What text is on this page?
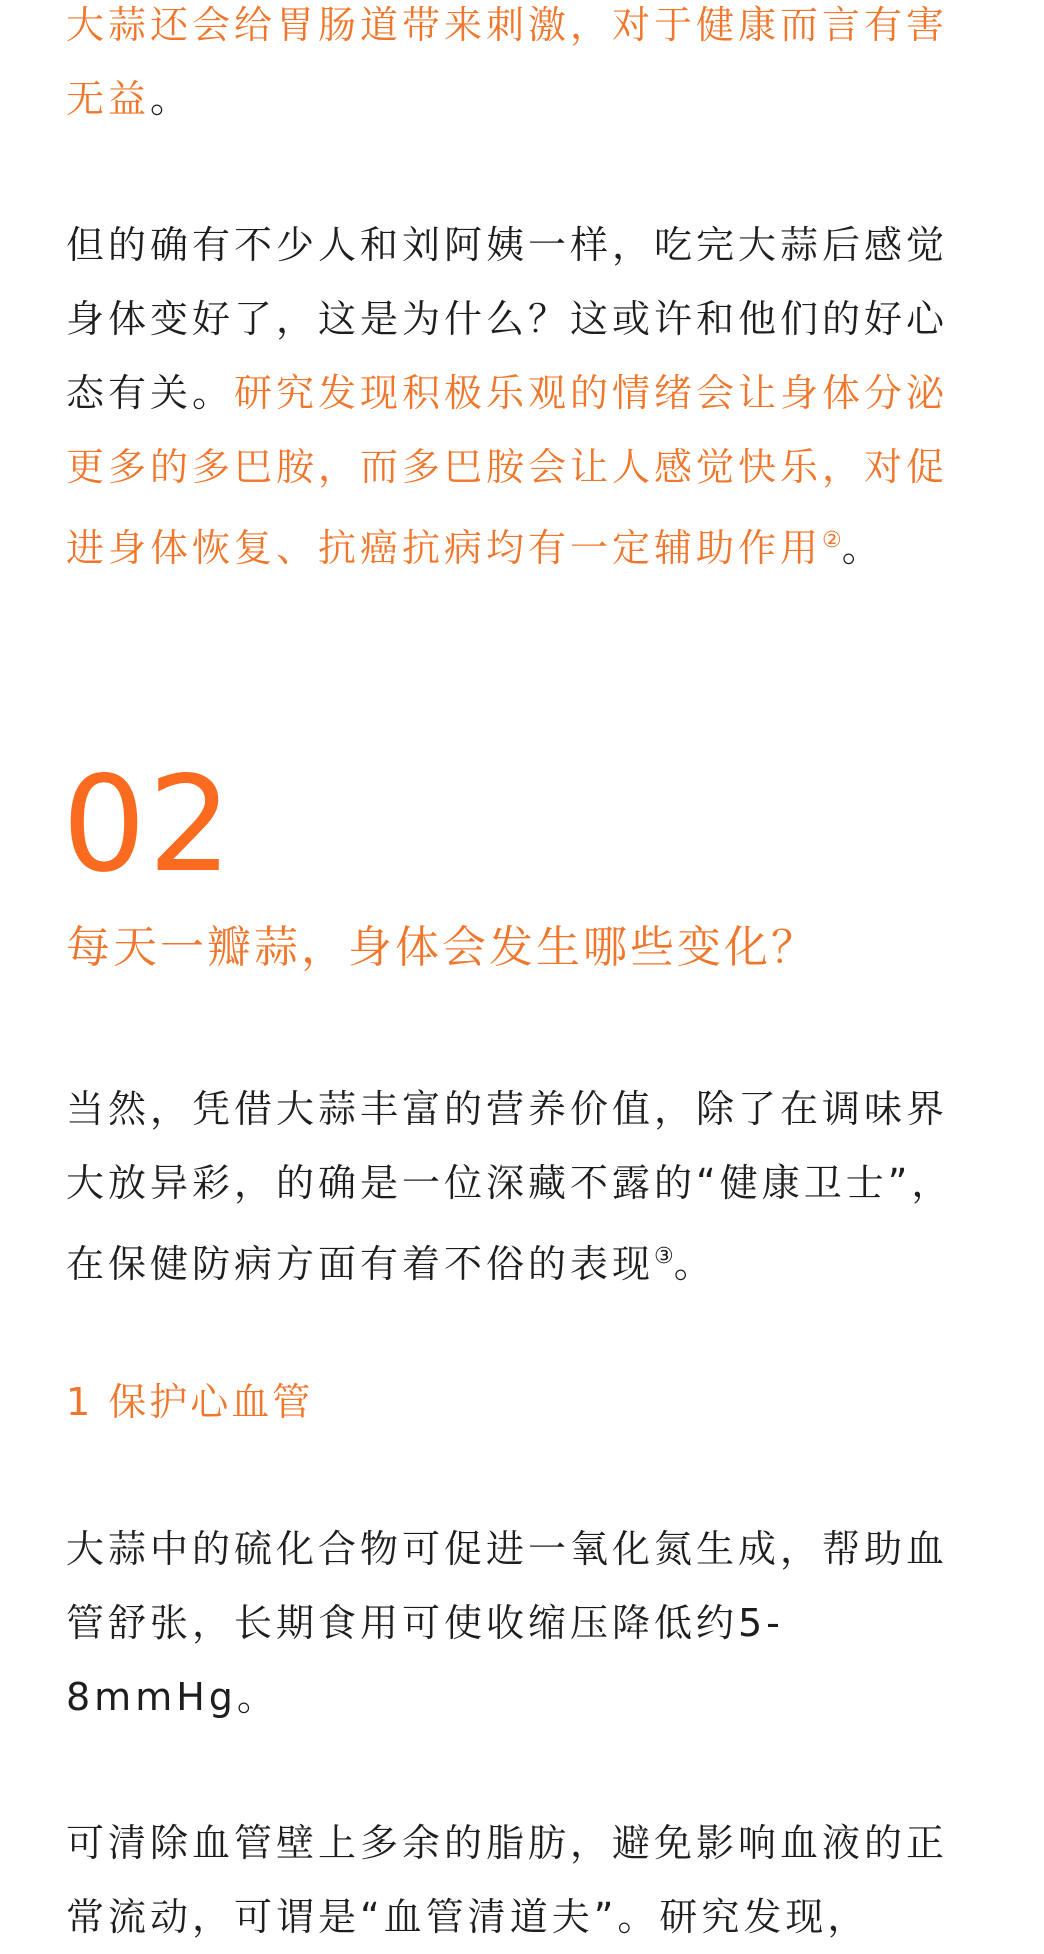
大蒜还会给胃肠道带来刺激，对于健康而言有害无益。

但的确有不少人和刘阿姨一样，吃完大蒜后感觉身体变好了，这是为什么？这或许和他们的好心态有关。研究发现积极乐观的情绪会让身体分泌更多的多巴胺，而多巴胺会让人感觉快乐，对促进身体恢复、抗癌抗病均有一定辅助作用②。

02
每天一瓣蒜，身体会发生哪些变化？

当然，凭借大蒜丰富的营养价值，除了在调味界大放异彩，的确是一位深藏不露的“健康卫士”，在保健防病方面有着不俗的表现③。

1 保护心血管

大蒜中的硫化合物可促进一氧化氮生成，帮助血管舒张，长期食用可使收缩压降低约5-8mmHg。

可清除血管壁上多余的脂肪，避免影响血液的正常流动，可谓是“血管清道夫”。研究发现，
